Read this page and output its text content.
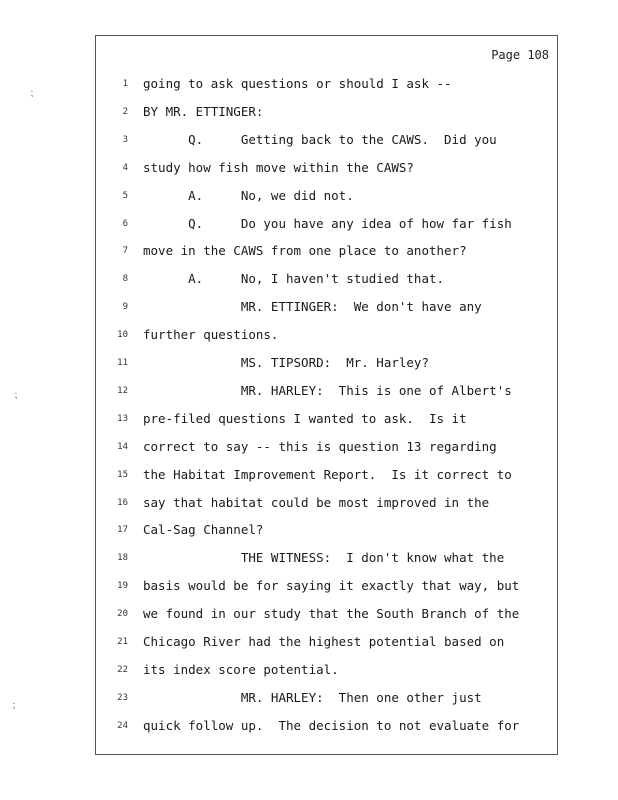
Page 108
1 going to ask questions or should I ask --
2 BY MR. ETTINGER:
3 Q.     Getting back to the CAWS.  Did you
4 study how fish move within the CAWS?
5 A.     No, we did not.
6 Q.     Do you have any idea of how far fish
7 move in the CAWS from one place to another?
8 A.     No, I haven't studied that.
9 MR. ETTINGER:  We don't have any
10 further questions.
11 MS. TIPSORD:  Mr. Harley?
12 MR. HARLEY:  This is one of Albert's
13 pre-filed questions I wanted to ask.  Is it
14 correct to say -- this is question 13 regarding
15 the Habitat Improvement Report.  Is it correct to
16 say that habitat could be most improved in the
17 Cal-Sag Channel?
18 THE WITNESS:  I don't know what the
19 basis would be for saying it exactly that way, but
20 we found in our study that the South Branch of the
21 Chicago River had the highest potential based on
22 its index score potential.
23 MR. HARLEY:  Then one other just
24 quick follow up.  The decision to not evaluate for
⁏
⁏
⁏
